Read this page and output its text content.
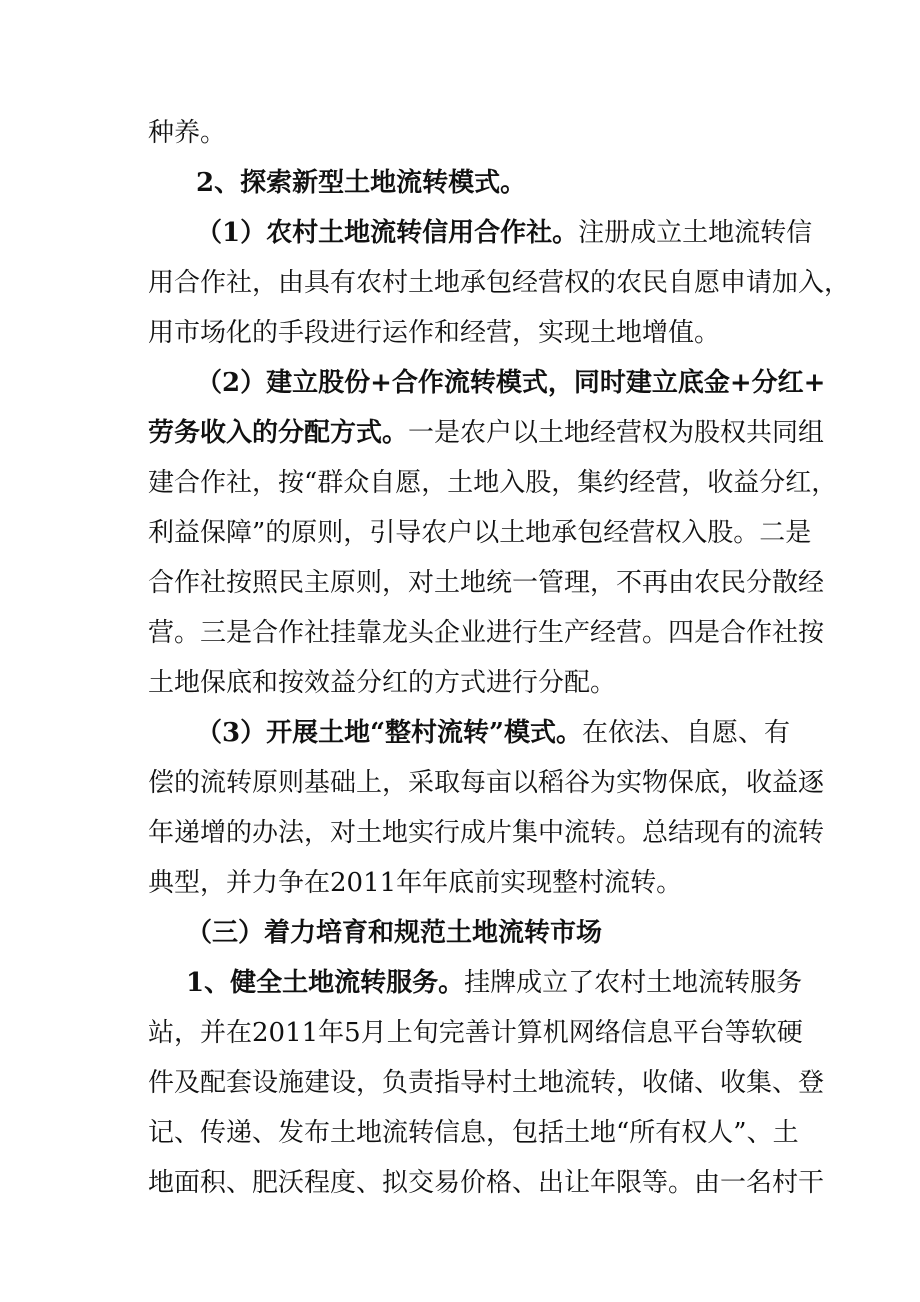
种养。
2、探索新型土地流转模式。
（1）农村土地流转信用合作社。注册成立土地流转信
用合作社，由具有农村土地承包经营权的农民自愿申请加入，
用市场化的手段进行运作和经营，实现土地增值。
（2）建立股份+合作流转模式，同时建立底金+分红+
劳务收入的分配方式。一是农户以土地经营权为股权共同组
建合作社，按“群众自愿，土地入股，集约经营，收益分红，
利益保障”的原则，引导农户以土地承包经营权入股。二是
合作社按照民主原则，对土地统一管理，不再由农民分散经
营。三是合作社挂靠龙头企业进行生产经营。四是合作社按
土地保底和按效益分红的方式进行分配。
（3）开展土地“整村流转”模式。在依法、自愿、有
偿的流转原则基础上，采取每亩以稻谷为实物保底，收益逐
年递增的办法，对土地实行成片集中流转。总结现有的流转
典型，并力争在2011年年底前实现整村流转。
（三）着力培育和规范土地流转市场
1、健全土地流转服务。挂牌成立了农村土地流转服务
站，并在2011年5月上旬完善计算机网络信息平台等软硬
件及配套设施建设，负责指导村土地流转，收储、收集、登
记、传递、发布土地流转信息，包括土地“所有权人”、土
地面积、肥沃程度、拟交易价格、出让年限等。由一名村干
